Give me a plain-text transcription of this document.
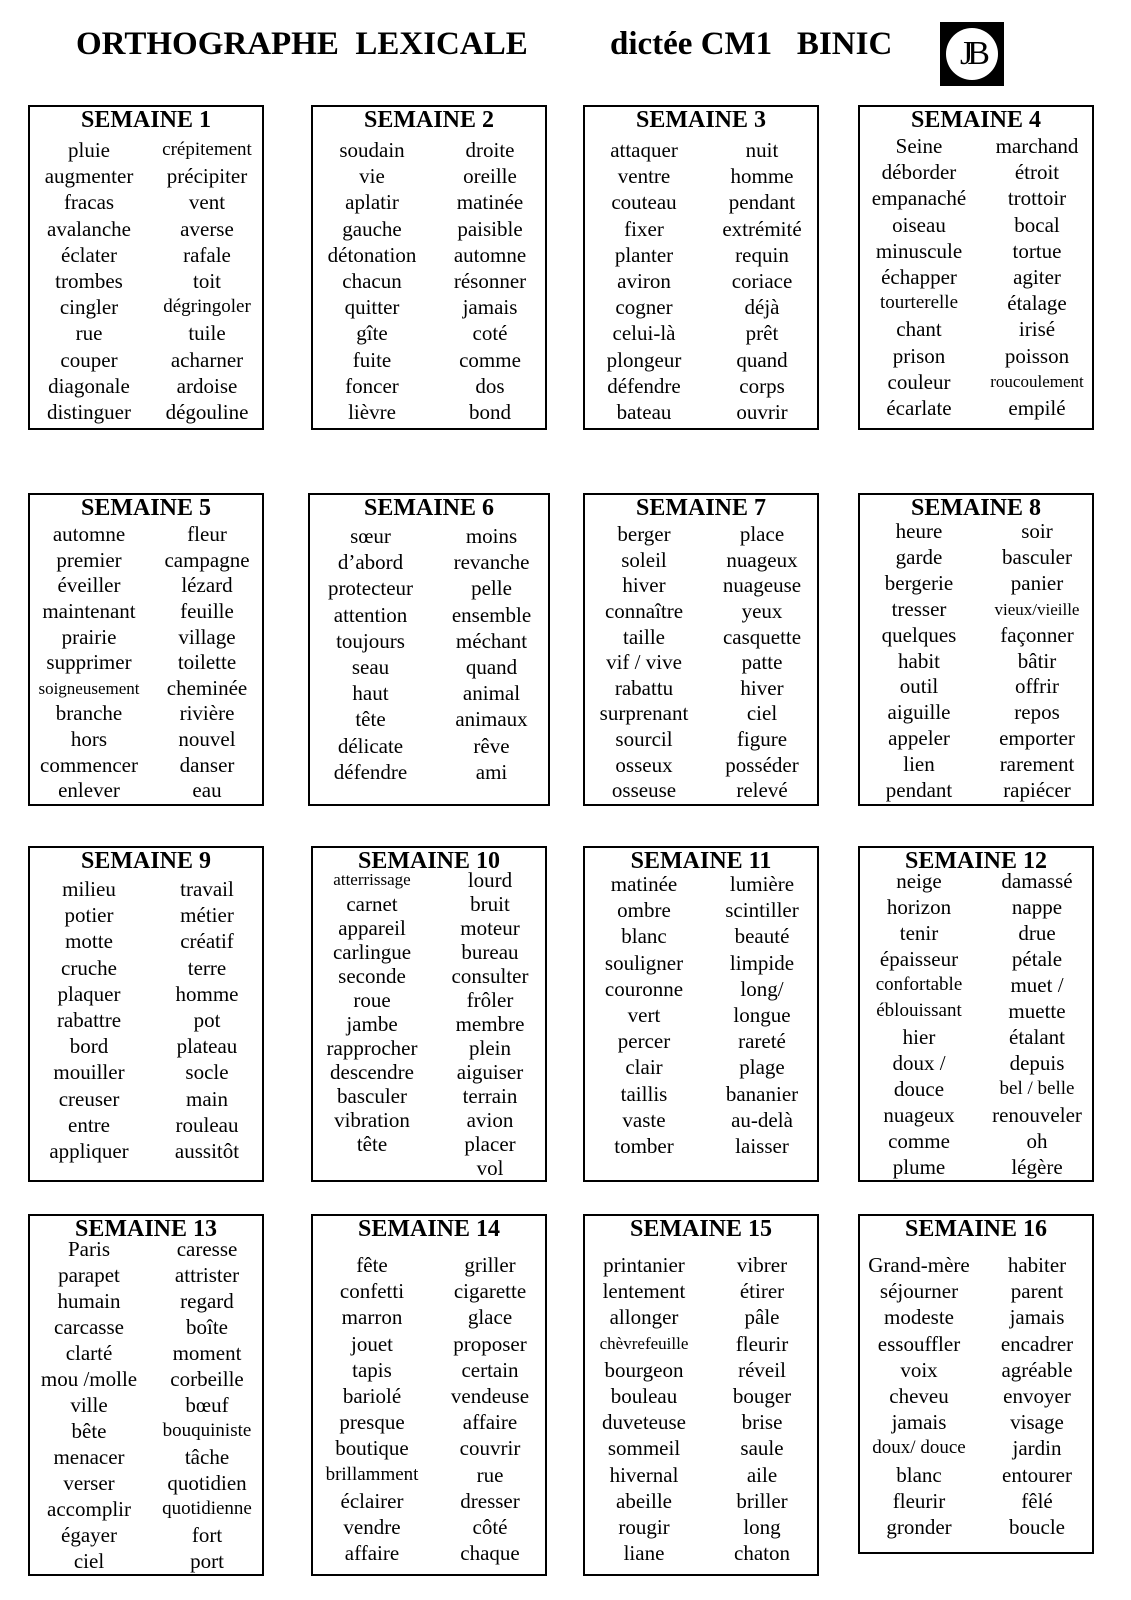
ORTHOGRAPHE  LEXICALE dictée CM1   BINIC	JB
SEMAINE 1
pluie
augmenter
fracas
avalanche
éclater
trombes
cingler
rue
couper
diagonale
distinguer
crépitement
précipiter
vent
averse
rafale
toit
dégringoler
tuile
acharner
ardoise
dégouline
SEMAINE 2
soudain
vie
aplatir
gauche
détonation
chacun
quitter
gîte
fuite
foncer
lièvre
droite
oreille
matinée
paisible
automne
résonner
jamais
coté
comme
dos
bond
SEMAINE 3
attaquer
ventre
couteau
fixer
planter
aviron
cogner
celui-là
plongeur
défendre
bateau
nuit
homme
pendant
extrémité
requin
coriace
déjà
prêt
quand
corps
ouvrir
SEMAINE 4
Seine
déborder
empanaché
oiseau
minuscule
échapper
tourterelle
chant
prison
couleur
écarlate
marchand
étroit
trottoir
bocal
tortue
agiter
étalage
irisé
poisson
roucoulement
empilé
SEMAINE 5
automne
premier
éveiller
maintenant
prairie
supprimer
soigneusement
branche
hors
commencer
enlever
fleur
campagne
lézard
feuille
village
toilette
cheminée
rivière
nouvel
danser
eau
SEMAINE 6
sœur
d’abord
protecteur
attention
toujours
seau
haut
tête
délicate
défendre
moins
revanche
pelle
ensemble
méchant
quand
animal
animaux
rêve
ami
SEMAINE 7
berger
soleil
hiver
connaître
taille
vif / vive
rabattu
surprenant
sourcil
osseux
osseuse
place
nuageux
nuageuse
yeux
casquette
patte
hiver
ciel
figure
posséder
relevé
SEMAINE 8
heure
garde
bergerie
tresser
quelques
habit
outil
aiguille
appeler
lien
pendant
soir
basculer
panier
vieux/vieille
façonner
bâtir
offrir
repos
emporter
rarement
rapiécer
SEMAINE 9
milieu
potier
motte
cruche
plaquer
rabattre
bord
mouiller
creuser
entre
appliquer
travail
métier
créatif
terre
homme
pot
plateau
socle
main
rouleau
aussitôt
SEMAINE 10
atterrissage
carnet
appareil
carlingue
seconde
roue
jambe
rapprocher
descendre
basculer
vibration
tête
lourd
bruit
moteur
bureau
consulter
frôler
membre
plein
aiguiser
terrain
avion
placer
vol
SEMAINE 11
matinée
ombre
blanc
souligner
couronne
vert
percer
clair
taillis
vaste
tomber
lumière
scintiller
beauté
limpide
long/
longue
rareté
plage
bananier
au-delà
laisser
SEMAINE 12
neige
horizon
tenir
épaisseur
confortable
éblouissant
hier
doux /
douce
nuageux
comme
plume
damassé
nappe
drue
pétale
muet /
muette
étalant
depuis
bel / belle
renouveler
oh
légère
SEMAINE 13
Paris
parapet
humain
carcasse
clarté
mou /molle
ville
bête
menacer
verser
accomplir
égayer
ciel
caresse
attrister
regard
boîte
moment
corbeille
bœuf
bouquiniste
tâche
quotidien
quotidienne
fort
port
SEMAINE 14
fête
confetti
marron
jouet
tapis
bariolé
presque
boutique
brillamment
éclairer
vendre
affaire
griller
cigarette
glace
proposer
certain
vendeuse
affaire
couvrir
rue
dresser
côté
chaque
SEMAINE 15
printanier
lentement
allonger
chèvrefeuille
bourgeon
bouleau
duveteuse
sommeil
hivernal
abeille
rougir
liane
vibrer
étirer
pâle
fleurir
réveil
bouger
brise
saule
aile
briller
long
chaton
SEMAINE 16
Grand-mère
séjourner
modeste
essouffler
voix
cheveu
jamais
doux/ douce
blanc
fleurir
gronder
habiter
parent
jamais
encadrer
agréable
envoyer
visage
jardin
entourer
fêlé
boucle
